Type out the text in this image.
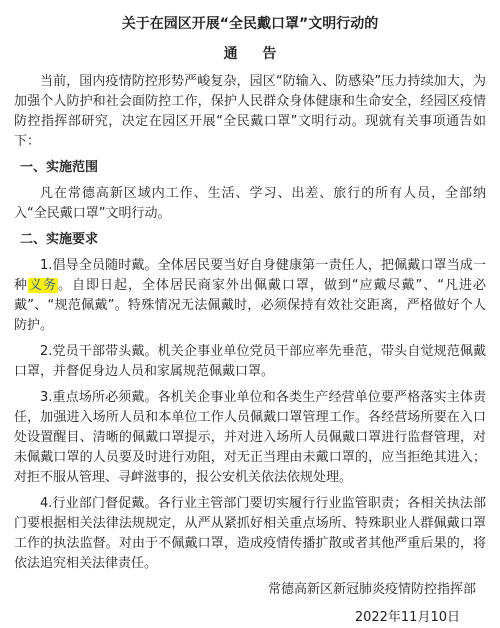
关于在园区开展“全民戴口罩”文明行动的
通 告

当前，国内疫情防控形势严峻复杂，园区“防输入、防感染”压力持续加大，为加强个人防护和社会面防控工作，保护人民群众身体健康和生命安全，经园区疫情防控指挥部研究，决定在园区开展“全民戴口罩”文明行动。现就有关事项通告如下：

一、实施范围

凡在常德高新区域内工作、生活、学习、出差、旅行的所有人员，全部纳入“全民戴口罩”文明行动。

二、实施要求

1.倡导全员随时戴。全体居民要当好自身健康第一责任人，把佩戴口罩当成一种义务。自即日起，全体居民商家外出佩戴口罩，做到“应戴尽戴”、“凡进必戴”、“规范佩戴”。特殊情况无法佩戴时，必须保持有效社交距离，严格做好个人防护。

2.党员干部带头戴。机关企事业单位党员干部应率先垂范，带头自觉规范佩戴口罩，并督促身边人员和家属规范佩戴口罩。

3.重点场所必须戴。各机关企事业单位和各类生产经营单位要严格落实主体责任，加强进入场所人员和本单位工作人员佩戴口罩管理工作。各经营场所要在入口处设置醒目、清晰的佩戴口罩提示，并对进入场所人员佩戴口罩进行监督管理，对未佩戴口罩的人员要及时进行劝阻，对无正当理由未戴口罩的，应当拒绝其进入；对拒不服从管理、寻衅滋事的，报公安机关依法依规处理。

4.行业部门督促戴。各行业主管部门要切实履行行业监管职责；各相关执法部门要根据相关法律法规规定，从严从紧抓好相关重点场所、特殊职业人群佩戴口罩工作的执法监督。对由于不佩戴口罩，造成疫情传播扩散或者其他严重后果的，将依法追究相关法律责任。

常德高新区新冠肺炎疫情防控指挥部
2022年11月10日
